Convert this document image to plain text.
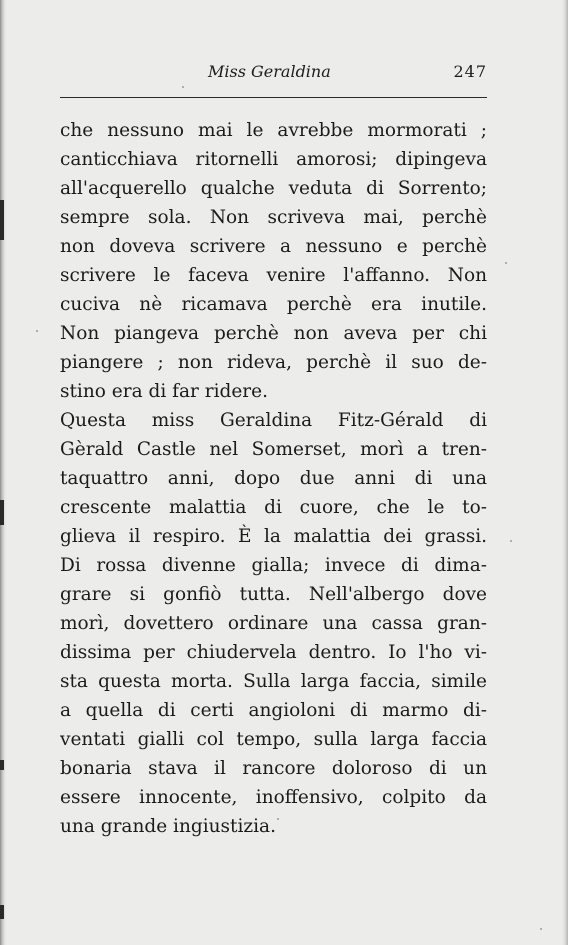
Miss Geraldina	247
che nessuno mai le avrebbe mormorati ;
canticchiava ritornelli amorosi; dipingeva
all'acquerello qualche veduta di Sorrento;
sempre sola. Non scriveva mai, perchè
non doveva scrivere a nessuno e perchè
scrivere le faceva venire l'affanno. Non
cuciva nè ricamava perchè era inutile.
Non piangeva perchè non aveva per chi
piangere ; non rideva, perchè il suo de-
stino era di far ridere.
Questa miss Geraldina Fitz-Gérald di
Gèrald Castle nel Somerset, morì a tren-
taquattro anni, dopo due anni di una
crescente malattia di cuore, che le to-
glieva il respiro. È la malattia dei grassi.
Di rossa divenne gialla; invece di dima-
grare si gonfiò tutta. Nell'albergo dove
morì, dovettero ordinare una cassa gran-
dissima per chiudervela dentro. Io l'ho vi-
sta questa morta. Sulla larga faccia, simile
a quella di certi angioloni di marmo di-
ventati gialli col tempo, sulla larga faccia
bonaria stava il rancore doloroso di un
essere innocente, inoffensivo, colpito da
una grande ingiustizia.
